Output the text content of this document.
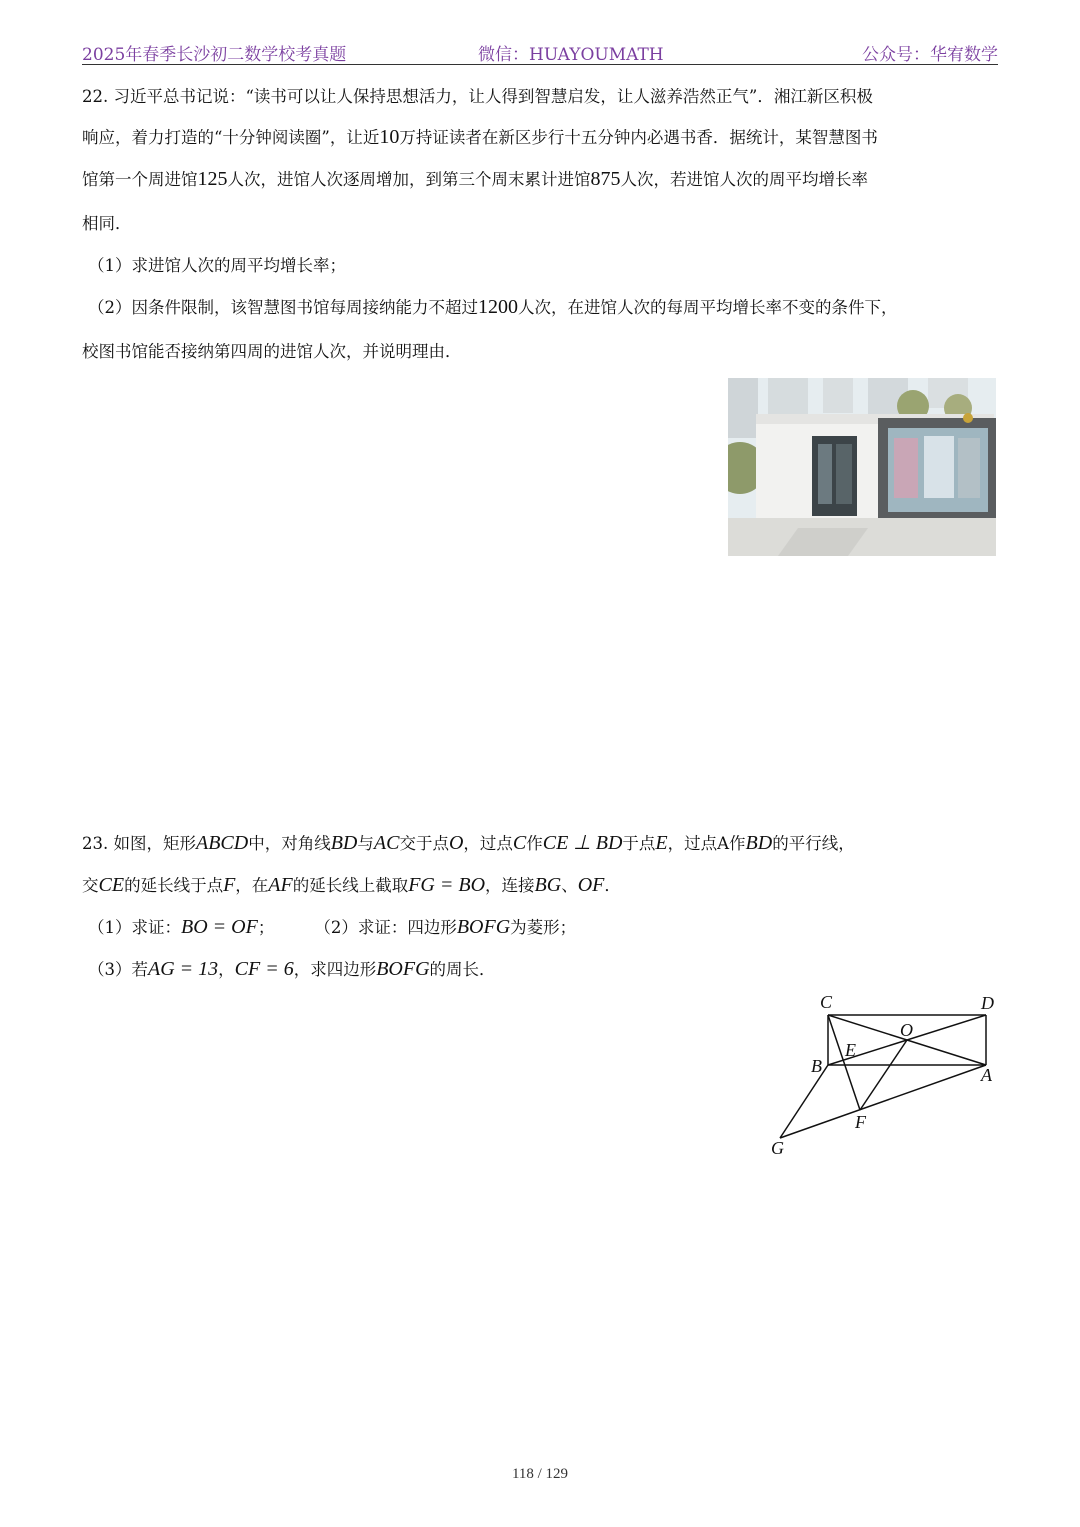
2025年春季长沙初二数学校考真题	微信：HUAYOUMATH	公众号：华宥数学
22. 习近平总书记说：“读书可以让人保持思想活力，让人得到智慧启发，让人滋养浩然正气”．湘江新区积极
响应，着力打造的“十分钟阅读圈”，让近10万持证读者在新区步行十五分钟内必遇书香．据统计，某智慧图书
馆第一个周进馆125人次，进馆人次逐周增加，到第三个周末累计进馆875人次，若进馆人次的周平均增长率
相同．
（1）求进馆人次的周平均增长率；
（2）因条件限制，该智慧图书馆每周接纳能力不超过1200人次，在进馆人次的每周平均增长率不变的条件下，
校图书馆能否接纳第四周的进馆人次，并说明理由．
23. 如图，矩形ABCD中，对角线BD与AC交于点O，过点C作CE ⊥ BD于点E，过点A作BD的平行线，
交CE的延长线于点F，在AF的延长线上截取FG = BO，连接BG、OF．
（1）求证：BO = OF； （2）求证：四边形BOFG为菱形；
（3）若AG = 13，CF = 6，求四边形BOFG的周长．
C	D
O
E
B	A
F
G
118 / 129
